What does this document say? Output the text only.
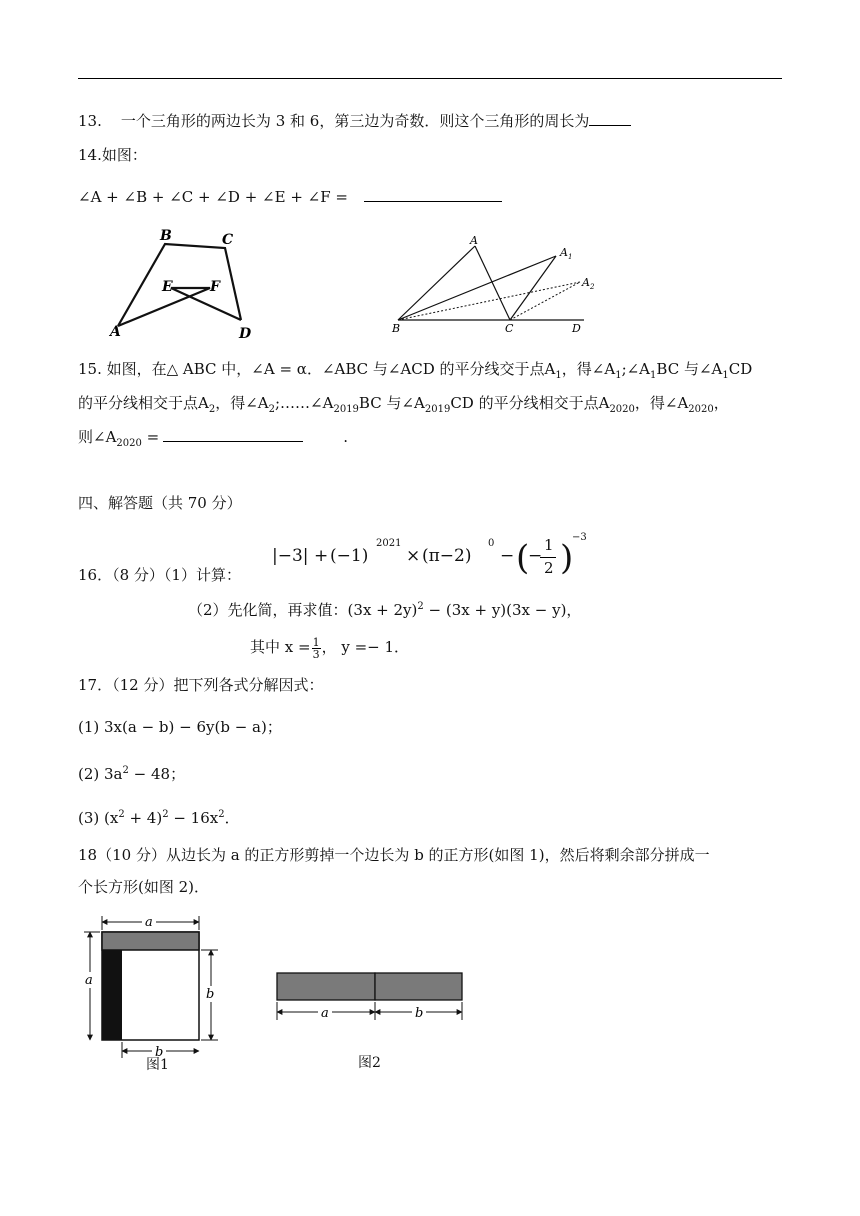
13.    一个三角形的两边长为 3 和 6，第三边为奇数．则这个三角形的周长为
14.如图：
∠A + ∠B + ∠C + ∠D + ∠E + ∠F =
A
B	C
D
E	F
A
A 1
A 2
B	C	D
15. 如图，在△ ABC 中，∠A = α．∠ABC 与∠ACD 的平分线交于点$A_1$，得$\angle A_1;\angle A_1BC$ 与$\angle A_1CD$
的平分线相交于点$A_2$，得$\angle A_2;\dots\dots\angle A_{2019}BC$ 与$\angle A_{2019}CD$ 的平分线相交于点$A_{2020}$，得$\angle A_{2020}$，
则$\angle A_{2020}$ =	.
四、解答题（共 70 分）
16．（8 分）（1）计算：
|−3| + (−1)
2021
× (π−2)
0
− (
−
1
2 )
−3
（2）先化简，再求值：$(3x + 2y)^2 - (3x + y)(3x - y)$，
其中 $x = \frac{1}{3}$ ， y =− 1．
17．（12 分）把下列各式分解因式：
(1) 3x(a − b) − 6y(b − a)；
(2) $3a^2 - 48$；
(3) $(x^2 + 4)^2 - 16x^2$．
18（10 分）从边长为 a 的正方形剪掉一个边长为 b 的正方形(如图 1)，然后将剩余部分拼成一
个长方形(如图 2)．
a
a
b
b
图1
a	b
图2
